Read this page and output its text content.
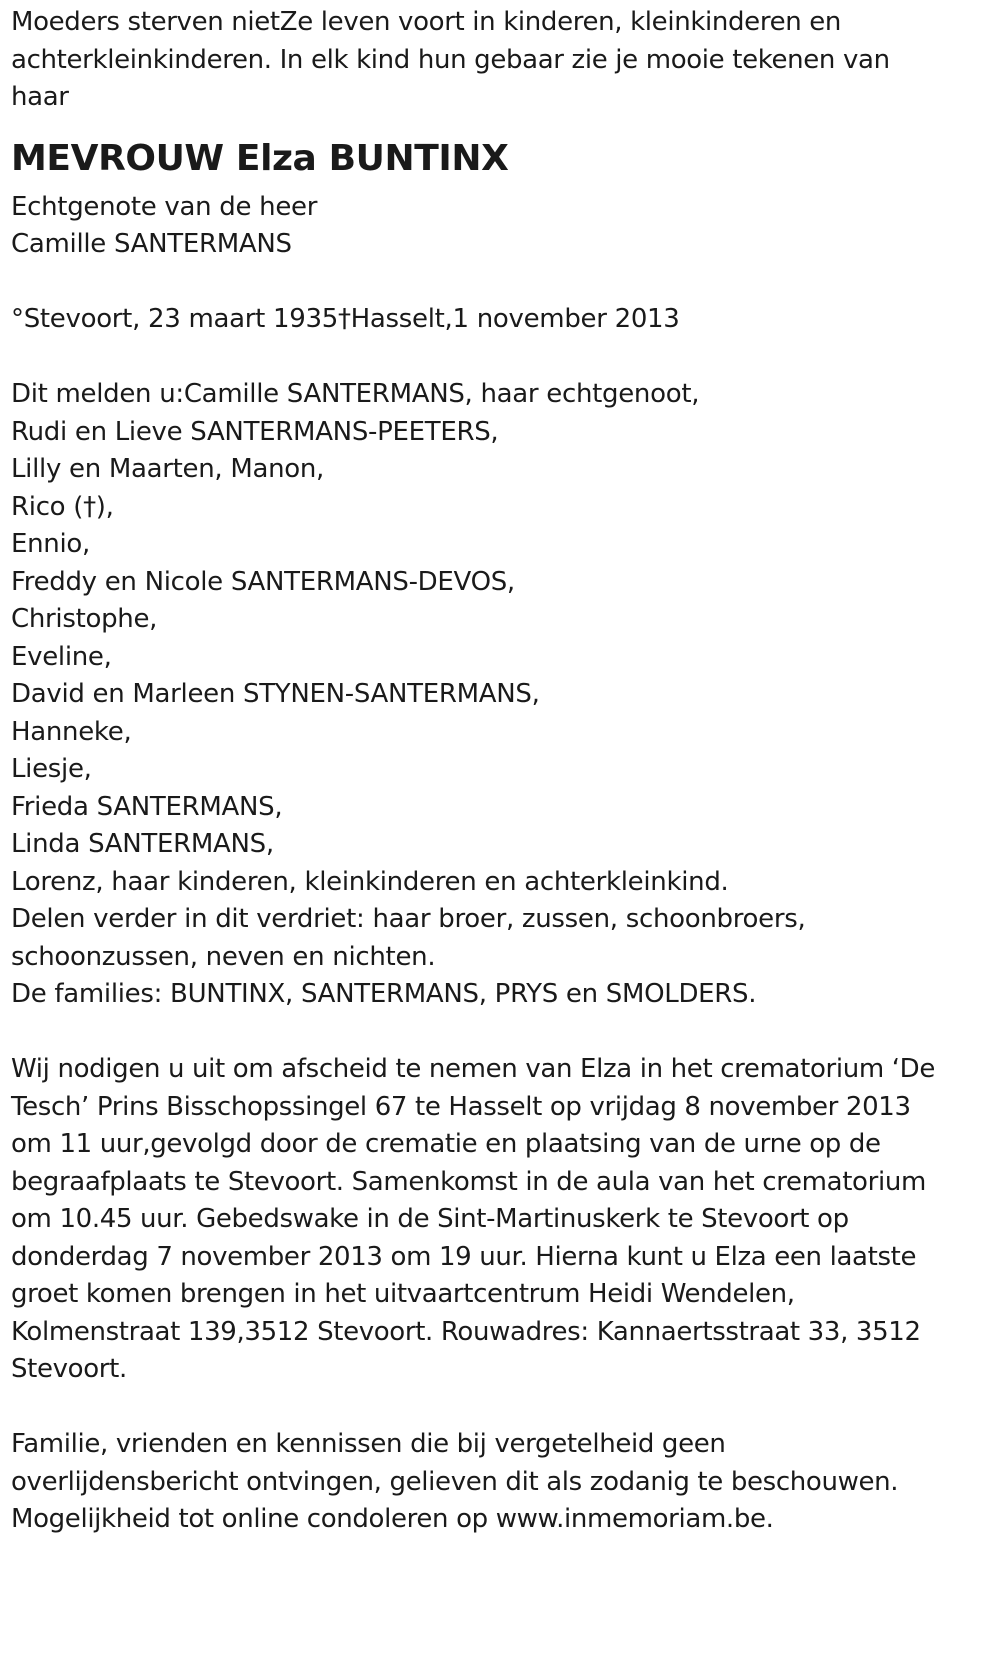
Moeders sterven nietZe leven voort in kinderen, kleinkinderen en
achterkleinkinderen. In elk kind hun gebaar zie je mooie tekenen van
haar
MEVROUW Elza BUNTINX
Echtgenote van de heer
Camille SANTERMANS
°Stevoort, 23 maart 1935†Hasselt,1 november 2013
Dit melden u:Camille SANTERMANS, haar echtgenoot,
Rudi en Lieve SANTERMANS-PEETERS,
Lilly en Maarten, Manon,
Rico (†),
Ennio,
Freddy en Nicole SANTERMANS-DEVOS,
Christophe,
Eveline,
David en Marleen STYNEN-SANTERMANS,
Hanneke,
Liesje,
Frieda SANTERMANS,
Linda SANTERMANS,
Lorenz, haar kinderen, kleinkinderen en achterkleinkind.
Delen verder in dit verdriet: haar broer, zussen, schoonbroers,
schoonzussen, neven en nichten.
De families: BUNTINX, SANTERMANS, PRYS en SMOLDERS.
Wij nodigen u uit om afscheid te nemen van Elza in het crematorium ‘De
Tesch’ Prins Bisschopssingel 67 te Hasselt op vrijdag 8 november 2013
om 11 uur,gevolgd door de crematie en plaatsing van de urne op de
begraafplaats te Stevoort. Samenkomst in de aula van het crematorium
om 10.45 uur. Gebedswake in de Sint-Martinuskerk te Stevoort op
donderdag 7 november 2013 om 19 uur. Hierna kunt u Elza een laatste
groet komen brengen in het uitvaartcentrum Heidi Wendelen,
Kolmenstraat 139,3512 Stevoort. Rouwadres: Kannaertsstraat 33, 3512
Stevoort.
Familie, vrienden en kennissen die bij vergetelheid geen
overlijdensbericht ontvingen, gelieven dit als zodanig te beschouwen.
Mogelijkheid tot online condoleren op www.inmemoriam.be.
